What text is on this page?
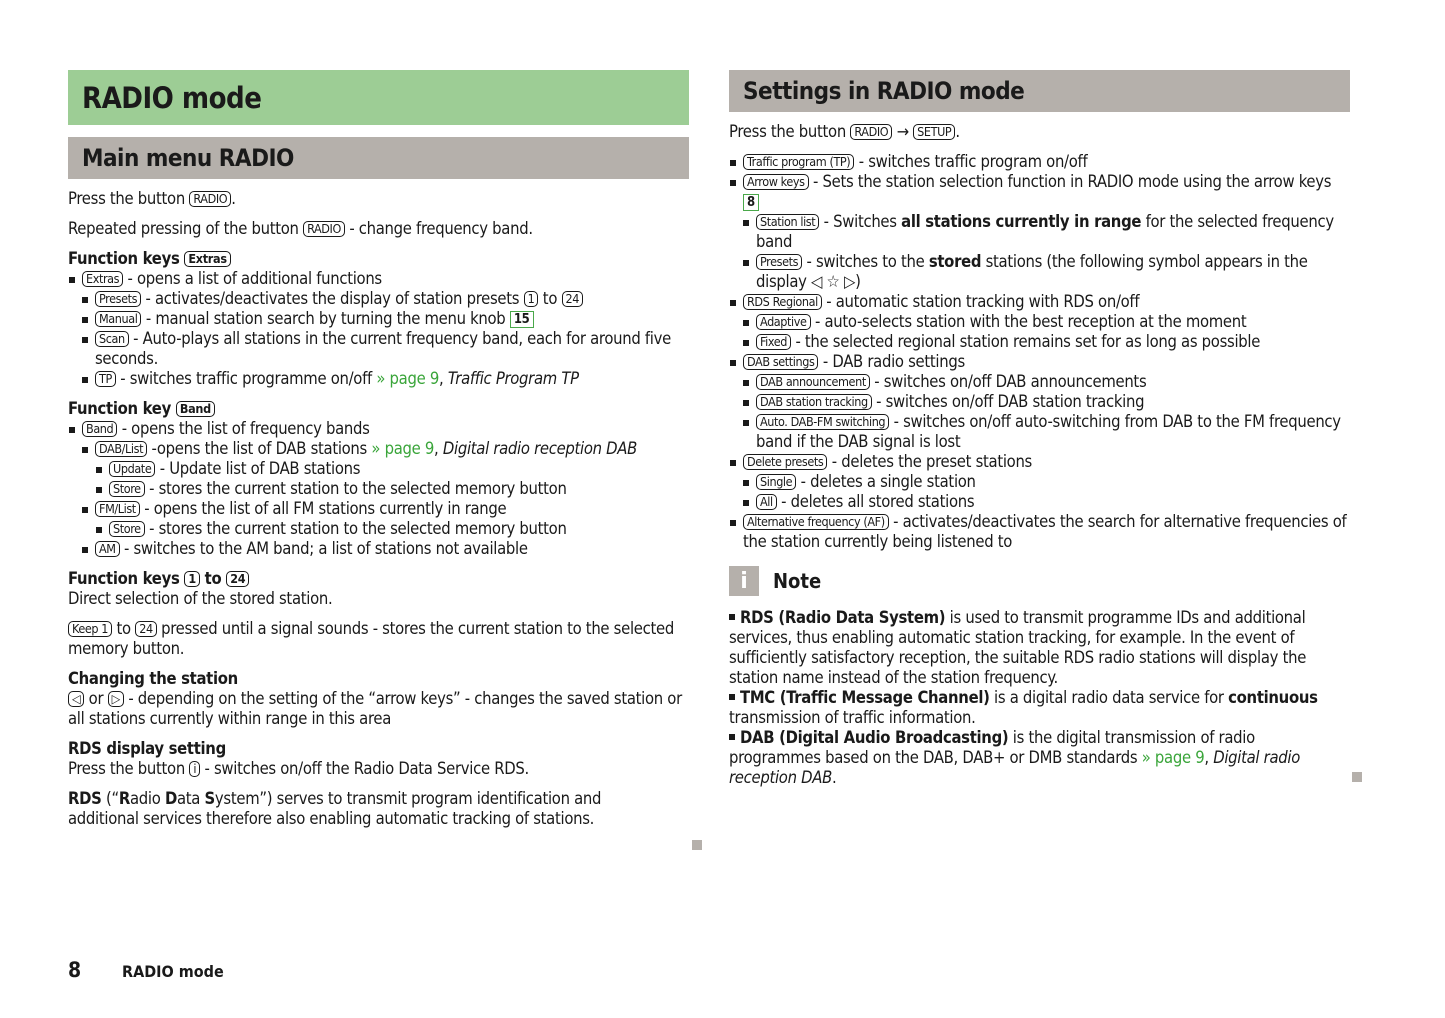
RADIO mode
Main menu RADIO

Press the button RADIO .

Repeated pressing of the button RADIO - change frequency band.

Function keys Extras

Extras - opens a list of additional functions
Presets - activates/deactivates the display of station presets 1 to 24
Manual - manual station search by turning the menu knob 15
Scan - Auto-plays all stations in the current frequency band, each for around five seconds.
TP - switches traffic programme on/off » page 9, Traffic Program TP

Function key Band

Band - opens the list of frequency bands
DAB/List -opens the list of DAB stations » page 9, Digital radio reception DAB
Update - Update list of DAB stations
Store - stores the current station to the selected memory button
FM/List - opens the list of all FM stations currently in range
Store - stores the current station to the selected memory button
AM - switches to the AM band; a list of stations not available

Function keys 1 to 24

Direct selection of the stored station.

Keep 1 to 24 pressed until a signal sounds - stores the current station to the selected memory button.

Changing the station

◁ or ▷ - depending on the setting of the “arrow keys” - changes the saved station or all stations currently within range in this area

RDS display setting

Press the button i - switches on/off the Radio Data Service RDS.

RDS (“Radio Data System”) serves to transmit program identification and additional services therefore also enabling automatic tracking of stations.

Settings in RADIO mode

Press the button RADIO → SETUP .

Traffic program (TP) - switches traffic program on/off
Arrow keys - Sets the station selection function in RADIO mode using the arrow keys 8
Station list - Switches all stations currently in range for the selected frequency band
Presets - switches to the stored stations (the following symbol appears in the display ◁ ☆ ▷)
RDS Regional - automatic station tracking with RDS on/off
Adaptive - auto-selects station with the best reception at the moment
Fixed - the selected regional station remains set for as long as possible
DAB settings - DAB radio settings
DAB announcement - switches on/off DAB announcements
DAB station tracking - switches on/off DAB station tracking
Auto. DAB-FM switching - switches on/off auto-switching from DAB to the FM frequency band if the DAB signal is lost
Delete presets - deletes the preset stations
Single - deletes a single station
All - deletes all stored stations
Alternative frequency (AF) - activates/deactivates the search for alternative frequencies of the station currently being listened to
i	Note

RDS (Radio Data System) is used to transmit programme IDs and additional services, thus enabling automatic station tracking, for example. In the event of sufficiently satisfactory reception, the suitable RDS radio stations will display the station name instead of the station frequency.

TMC (Traffic Message Channel) is a digital radio data service for continuous transmission of traffic information.

DAB (Digital Audio Broadcasting) is the digital transmission of radio programmes based on the DAB, DAB+ or DMB standards » page 9, Digital radio reception DAB.

8	RADIO mode
